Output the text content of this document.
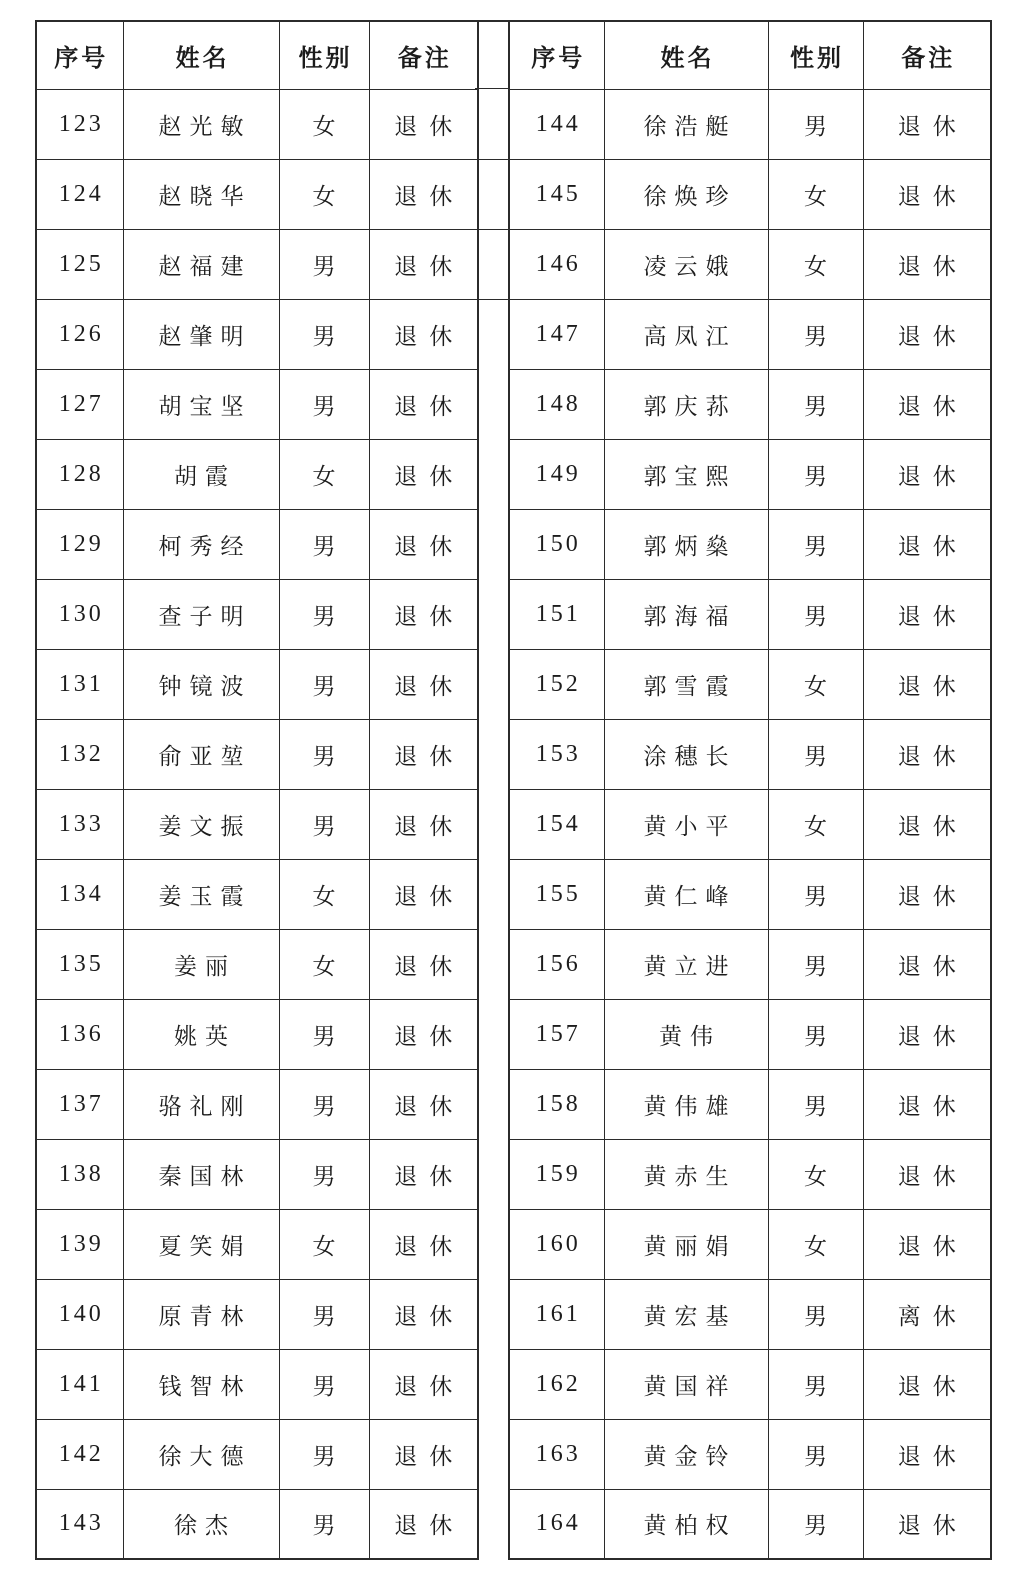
序号	姓名	性别	备注
123	赵光敏	女	退休
124	赵晓华	女	退休
125	赵福建	男	退休
126	赵肇明	男	退休
127	胡宝坚	男	退休
128	胡霞	女	退休
129	柯秀经	男	退休
130	查子明	男	退休
131	钟镜波	男	退休
132	俞亚堃	男	退休
133	姜文振	男	退休
134	姜玉霞	女	退休
135	姜丽	女	退休
136	姚英	男	退休
137	骆礼刚	男	退休
138	秦国林	男	退休
139	夏笑娟	女	退休
140	原青林	男	退休
141	钱智林	男	退休
142	徐大德	男	退休
143	徐杰	男	退休
序号	姓名	性别	备注
144	徐浩艇	男	退休
145	徐焕珍	女	退休
146	凌云娥	女	退休
147	高凤江	男	退休
148	郭庆荪	男	退休
149	郭宝熙	男	退休
150	郭炳燊	男	退休
151	郭海福	男	退休
152	郭雪霞	女	退休
153	涂穗长	男	退休
154	黄小平	女	退休
155	黄仁峰	男	退休
156	黄立进	男	退休
157	黄伟	男	退休
158	黄伟雄	男	退休
159	黄赤生	女	退休
160	黄丽娟	女	退休
161	黄宏基	男	离休
162	黄国祥	男	退休
163	黄金铃	男	退休
164	黄柏权	男	退休
